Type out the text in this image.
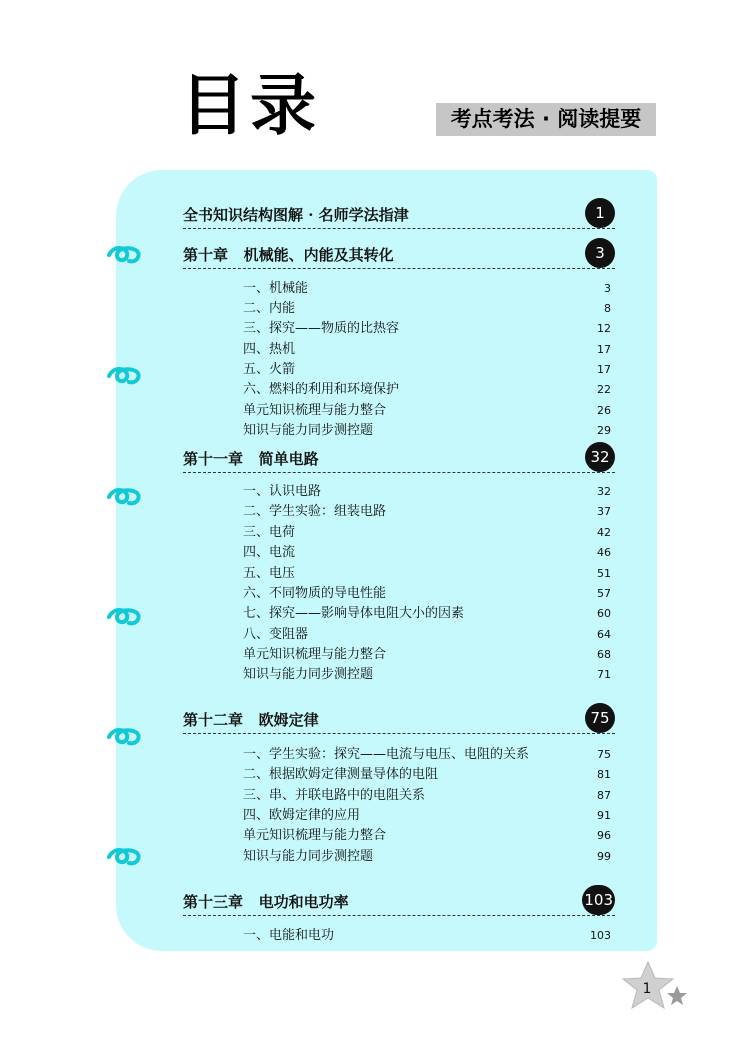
目录	考点考法 · 阅读提要
全书知识结构图解 · 名师学法指津	1
第十章   机械能、内能及其转化	3
一、机械能	3
二、内能	8
三、探究——物质的比热容	12
四、热机	17
五、火箭	17
六、燃料的利用和环境保护	22
单元知识梳理与能力整合	26
知识与能力同步测控题	29
第十一章   简单电路	32
一、认识电路	32
二、学生实验：组装电路	37
三、电荷	42
四、电流	46
五、电压	51
六、不同物质的导电性能	57
七、探究——影响导体电阻大小的因素	60
八、变阻器	64
单元知识梳理与能力整合	68
知识与能力同步测控题	71
第十二章   欧姆定律	75
一、学生实验：探究——电流与电压、电阻的关系	75
二、根据欧姆定律测量导体的电阻	81
三、串、并联电路中的电阻关系	87
四、欧姆定律的应用	91
单元知识梳理与能力整合	96
知识与能力同步测控题	99
第十三章   电功和电功率	103
一、电能和电功	103
1
